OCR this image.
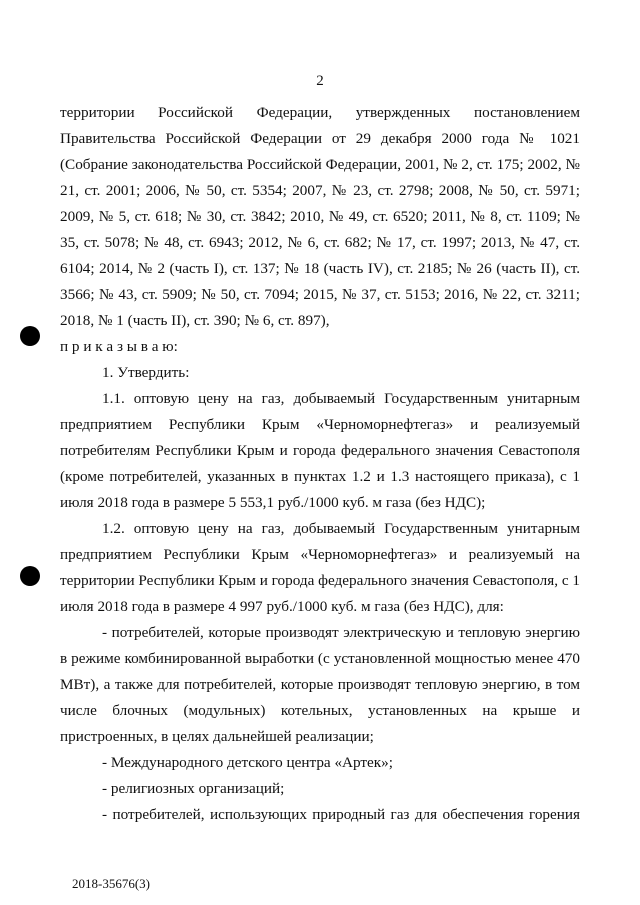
2

территории Российской Федерации, утвержденных постановлением Правительства Российской Федерации от 29 декабря 2000 года № 1021 (Собрание законодательства Российской Федерации, 2001, № 2, ст. 175; 2002, № 21, ст. 2001; 2006, № 50, ст. 5354; 2007, № 23, ст. 2798; 2008, № 50, ст. 5971; 2009, № 5, ст. 618; № 30, ст. 3842; 2010, № 49, ст. 6520; 2011, № 8, ст. 1109; № 35, ст. 5078; № 48, ст. 6943; 2012, № 6, ст. 682; № 17, ст. 1997; 2013, № 47, ст. 6104; 2014, № 2 (часть I), ст. 137; № 18 (часть IV), ст. 2185; № 26 (часть II), ст. 3566; № 43, ст. 5909; № 50, ст. 7094; 2015, № 37, ст. 5153; 2016, № 22, ст. 3211; 2018, № 1 (часть II), ст. 390; № 6, ст. 897),

п р и к а з ы в а ю:

1. Утвердить:

1.1. оптовую цену на газ, добываемый Государственным унитарным предприятием Республики Крым «Черноморнефтегаз» и реализуемый потребителям Республики Крым и города федерального значения Севастополя (кроме потребителей, указанных в пунктах 1.2 и 1.3 настоящего приказа), с 1 июля 2018 года в размере 5 553,1 руб./1000 куб. м газа (без НДС);

1.2. оптовую цену на газ, добываемый Государственным унитарным предприятием Республики Крым «Черноморнефтегаз» и реализуемый на территории Республики Крым и города федерального значения Севастополя, с 1 июля 2018 года в размере 4 997 руб./1000 куб. м газа (без НДС), для:

- потребителей, которые производят электрическую и тепловую энергию в режиме комбинированной выработки (с установленной мощностью менее 470 МВт), а также для потребителей, которые производят тепловую энергию, в том числе блочных (модульных) котельных, установленных на крыше и пристроенных, в целях дальнейшей реализации;

- Международного детского центра «Артек»;

- религиозных организаций;

- потребителей, использующих природный газ для обеспечения горения

2018-35676(3)
